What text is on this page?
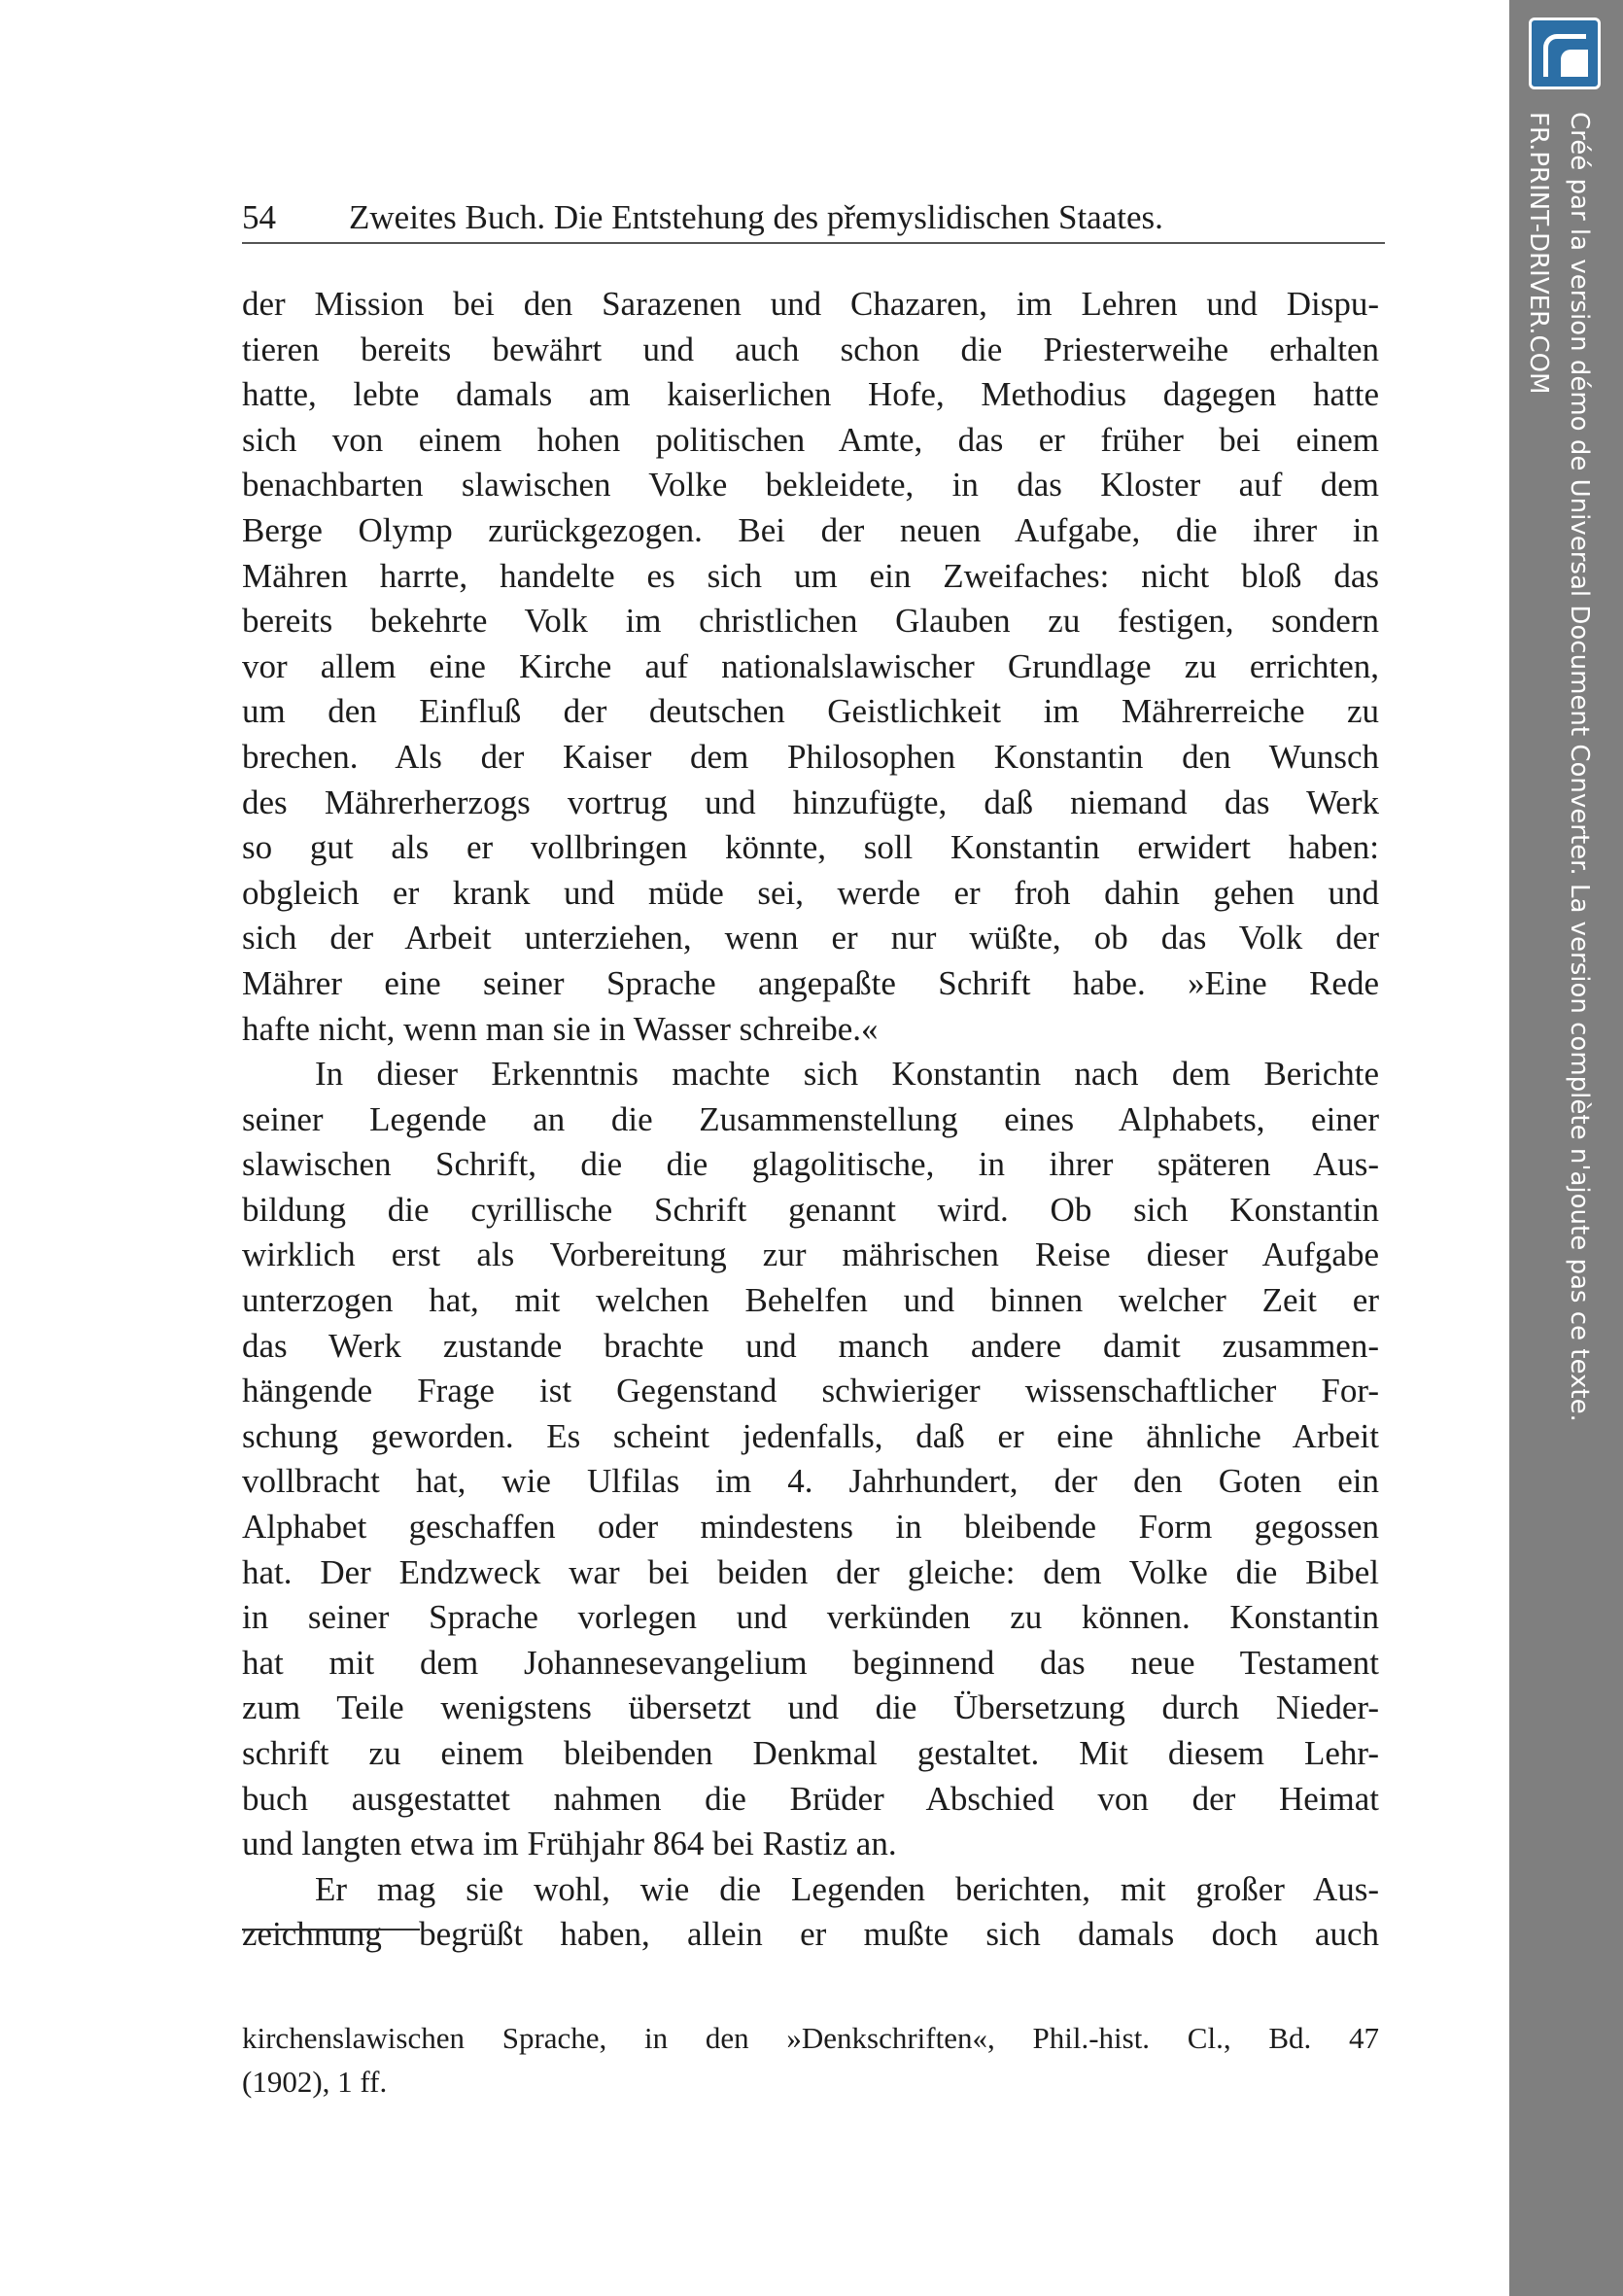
54 Zweites Buch. Die Entstehung des přemyslidischen Staates.
der Mission bei den Sarazenen und Chazaren, im Lehren und Dispu-
tieren bereits bewährt und auch schon die Priesterweihe erhalten
hatte, lebte damals am kaiserlichen Hofe, Methodius dagegen hatte
sich von einem hohen politischen Amte, das er früher bei einem
benachbarten slawischen Volke bekleidete, in das Kloster auf dem
Berge Olymp zurückgezogen. Bei der neuen Aufgabe, die ihrer in
Mähren harrte, handelte es sich um ein Zweifaches: nicht bloß das
bereits bekehrte Volk im christlichen Glauben zu festigen, sondern
vor allem eine Kirche auf nationalslawischer Grundlage zu errichten,
um den Einfluß der deutschen Geistlichkeit im Mährerreiche zu
brechen. Als der Kaiser dem Philosophen Konstantin den Wunsch
des Mährerherzogs vortrug und hinzufügte, daß niemand das Werk
so gut als er vollbringen könnte, soll Konstantin erwidert haben:
obgleich er krank und müde sei, werde er froh dahin gehen und
sich der Arbeit unterziehen, wenn er nur wüßte, ob das Volk der
Mährer eine seiner Sprache angepaßte Schrift habe. »Eine Rede
hafte nicht, wenn man sie in Wasser schreibe.«
In dieser Erkenntnis machte sich Konstantin nach dem Berichte
seiner Legende an die Zusammenstellung eines Alphabets, einer
slawischen Schrift, die die glagolitische, in ihrer späteren Aus-
bildung die cyrillische Schrift genannt wird. Ob sich Konstantin
wirklich erst als Vorbereitung zur mährischen Reise dieser Aufgabe
unterzogen hat, mit welchen Behelfen und binnen welcher Zeit er
das Werk zustande brachte und manch andere damit zusammen-
hängende Frage ist Gegenstand schwieriger wissenschaftlicher For-
schung geworden. Es scheint jedenfalls, daß er eine ähnliche Arbeit
vollbracht hat, wie Ulfilas im 4. Jahrhundert, der den Goten ein
Alphabet geschaffen oder mindestens in bleibende Form gegossen
hat. Der Endzweck war bei beiden der gleiche: dem Volke die Bibel
in seiner Sprache vorlegen und verkünden zu können. Konstantin
hat mit dem Johannesevangelium beginnend das neue Testament
zum Teile wenigstens übersetzt und die Übersetzung durch Nieder-
schrift zu einem bleibenden Denkmal gestaltet. Mit diesem Lehr-
buch ausgestattet nahmen die Brüder Abschied von der Heimat
und langten etwa im Frühjahr 864 bei Rastiz an.
Er mag sie wohl, wie die Legenden berichten, mit großer Aus-
zeichnung begrüßt haben, allein er mußte sich damals doch auch
kirchenslawischen Sprache, in den »Denkschriften«, Phil.-hist. Cl., Bd. 47
(1902), 1 ff.
Créé par la version démo de Universal Document Converter. La version complète n'ajoute pas ce texte.
FR.PRINT-DRIVER.COM
